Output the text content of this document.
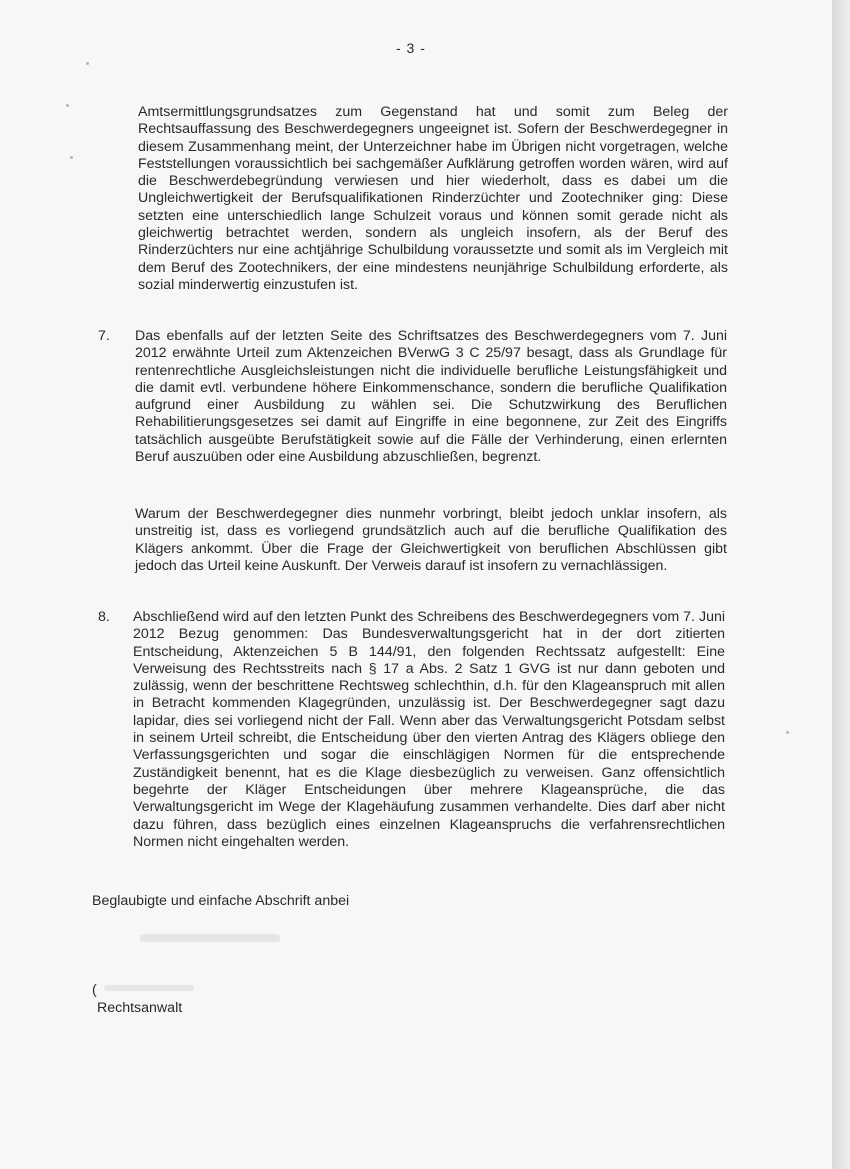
- 3 -

Amtsermittlungsgrundsatzes zum Gegenstand hat und somit zum Beleg der Rechtsauffassung des Beschwerdegegners ungeeignet ist. Sofern der Beschwerdegegner in diesem Zusammenhang meint, der Unterzeichner habe im Übrigen nicht vorgetragen, welche Feststellungen voraussichtlich bei sachgemäßer Aufklärung getroffen worden wären, wird auf die Beschwerdebegründung verwiesen und hier wiederholt, dass es dabei um die Ungleichwertigkeit der Berufsqualifikationen Rinderzüchter und Zootechniker ging: Diese setzten eine unterschiedlich lange Schulzeit voraus und können somit gerade nicht als gleichwertig betrachtet werden, sondern als ungleich insofern, als der Beruf des Rinderzüchters nur eine achtjährige Schulbildung voraussetzte und somit als im Vergleich mit dem Beruf des Zootechnikers, der eine mindestens neunjährige Schulbildung erforderte, als sozial minderwertig einzustufen ist.

7. Das ebenfalls auf der letzten Seite des Schriftsatzes des Beschwerdegegners vom 7. Juni 2012 erwähnte Urteil zum Aktenzeichen BVerwG 3 C 25/97 besagt, dass als Grundlage für rentenrechtliche Ausgleichsleistungen nicht die individuelle berufliche Leistungsfähigkeit und die damit evtl. verbundene höhere Einkommenschance, sondern die berufliche Qualifikation aufgrund einer Ausbildung zu wählen sei. Die Schutzwirkung des Beruflichen Rehabilitierungsgesetzes sei damit auf Eingriffe in eine begonnene, zur Zeit des Eingriffs tatsächlich ausgeübte Berufstätigkeit sowie auf die Fälle der Verhinderung, einen erlernten Beruf auszuüben oder eine Ausbildung abzuschließen, begrenzt.

Warum der Beschwerdegegner dies nunmehr vorbringt, bleibt jedoch unklar insofern, als unstreitig ist, dass es vorliegend grundsätzlich auch auf die berufliche Qualifikation des Klägers ankommt. Über die Frage der Gleichwertigkeit von beruflichen Abschlüssen gibt jedoch das Urteil keine Auskunft. Der Verweis darauf ist insofern zu vernachlässigen.

8. Abschließend wird auf den letzten Punkt des Schreibens des Beschwerdegegners vom 7. Juni 2012 Bezug genommen: Das Bundesverwaltungsgericht hat in der dort zitierten Entscheidung, Aktenzeichen 5 B 144/91, den folgenden Rechtssatz aufgestellt: Eine Verweisung des Rechtsstreits nach § 17 a Abs. 2 Satz 1 GVG ist nur dann geboten und zulässig, wenn der beschrittene Rechtsweg schlechthin, d.h. für den Klageanspruch mit allen in Betracht kommenden Klagegründen, unzulässig ist. Der Beschwerdegegner sagt dazu lapidar, dies sei vorliegend nicht der Fall. Wenn aber das Verwaltungsgericht Potsdam selbst in seinem Urteil schreibt, die Entscheidung über den vierten Antrag des Klägers obliege den Verfassungsgerichten und sogar die einschlägigen Normen für die entsprechende Zuständigkeit benennt, hat es die Klage diesbezüglich zu verweisen. Ganz offensichtlich begehrte der Kläger Entscheidungen über mehrere Klageansprüche, die das Verwaltungsgericht im Wege der Klagehäufung zusammen verhandelte. Dies darf aber nicht dazu führen, dass bezüglich eines einzelnen Klageanspruchs die verfahrensrechtlichen Normen nicht eingehalten werden.

Beglaubigte und einfache Abschrift anbei
(
Rechtsanwalt
